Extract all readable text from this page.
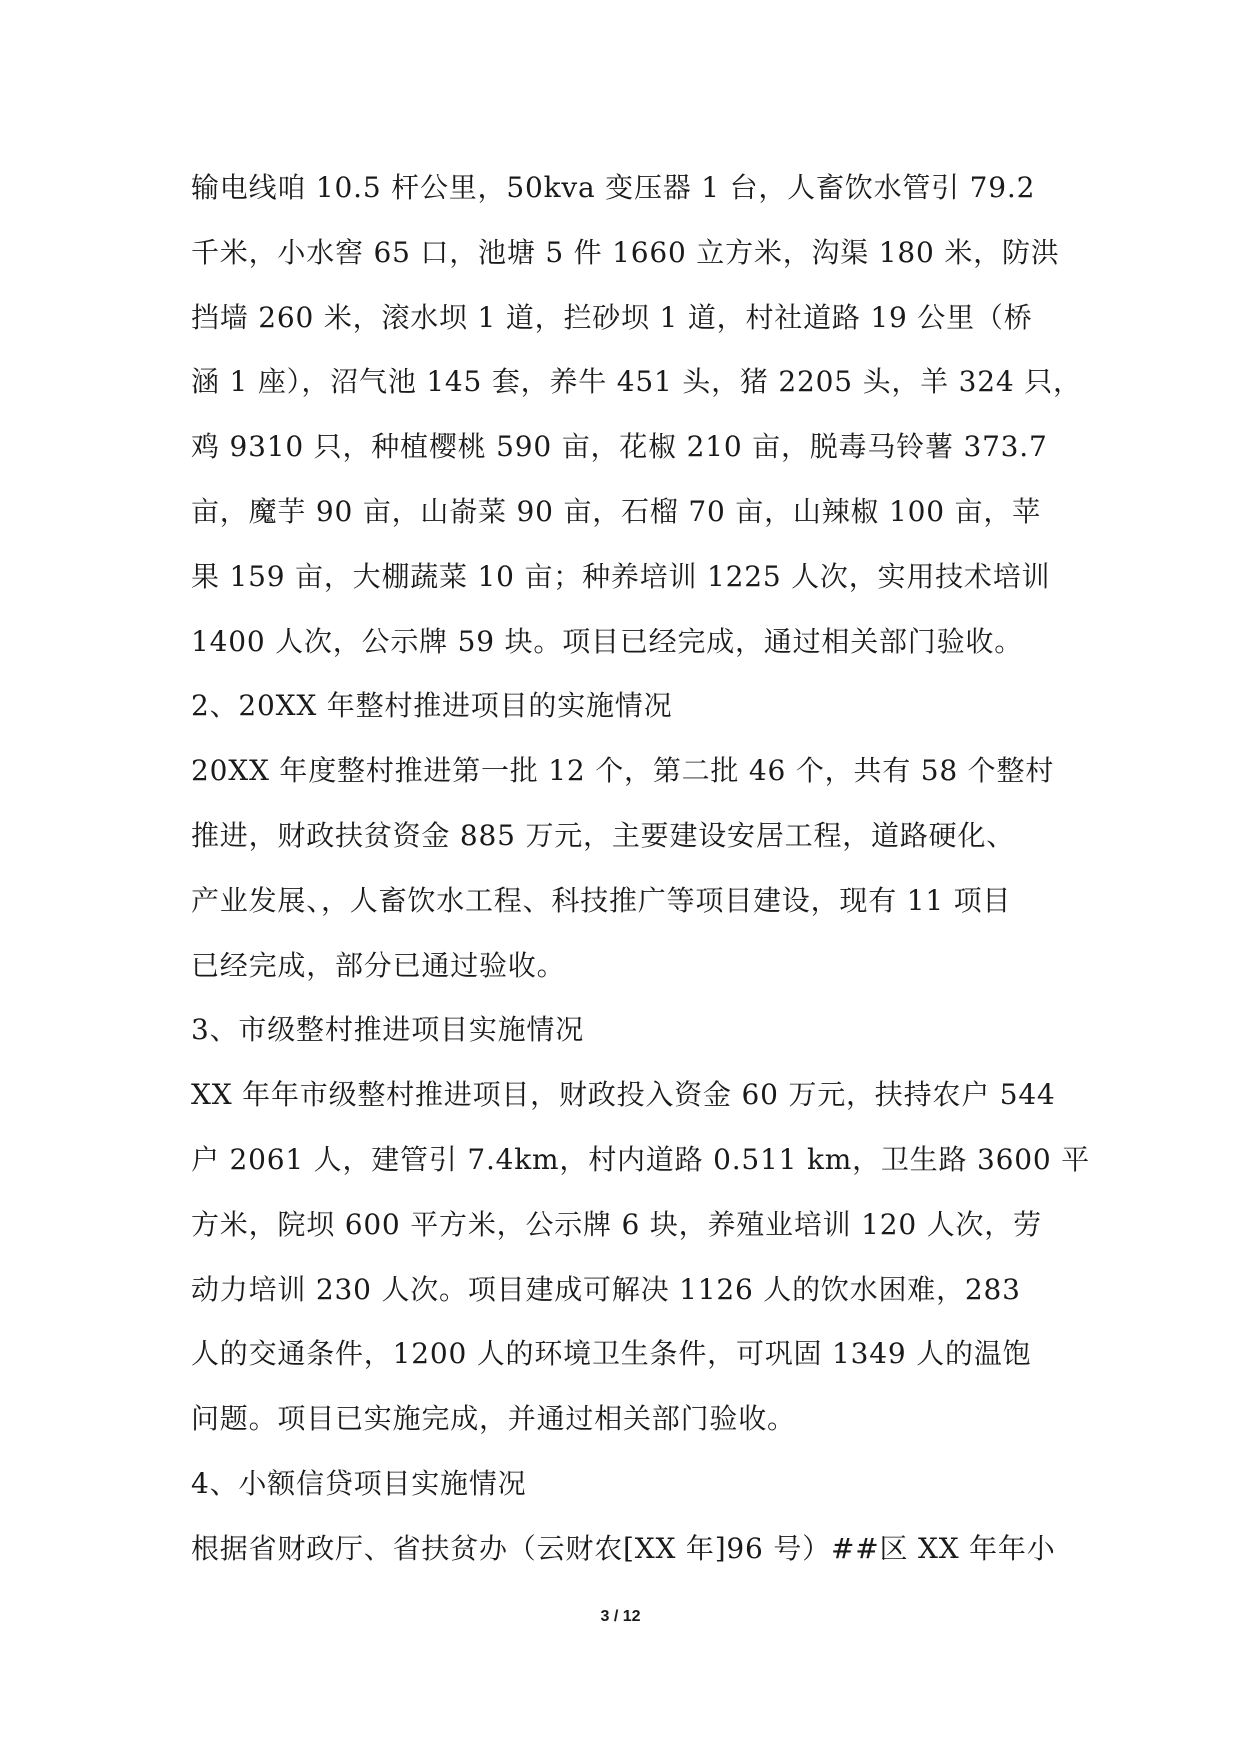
输电线咱 10.5 杆公里，50kva 变压器 1 台，人畜饮水管引 79.2
千米，小水窖 65 口，池塘 5 件 1660 立方米，沟渠 180 米，防洪
挡墙 260 米，滚水坝 1 道，拦砂坝 1 道，村社道路 19 公里（桥
涵 1 座），沼气池 145 套，养牛 451 头，猪 2205 头，羊 324 只，
鸡 9310 只，种植樱桃 590 亩，花椒 210 亩，脱毒马铃薯 373.7
亩，魔芋 90 亩，山嵛菜 90 亩，石榴 70 亩，山辣椒 100 亩，苹
果 159 亩，大棚蔬菜 10 亩；种养培训 1225 人次，实用技术培训
1400 人次，公示牌 59 块。项目已经完成，通过相关部门验收。
2、20XX 年整村推进项目的实施情况
20XX 年度整村推进第一批 12 个，第二批 46 个，共有 58 个整村
推进，财政扶贫资金 885 万元，主要建设安居工程，道路硬化、
产业发展、，人畜饮水工程、科技推广等项目建设，现有 11 项目
已经完成，部分已通过验收。
3、市级整村推进项目实施情况
XX 年年市级整村推进项目，财政投入资金 60 万元，扶持农户 544
户 2061 人，建管引 7.4km，村内道路 0.511 km，卫生路 3600 平
方米，院坝 600 平方米，公示牌 6 块，养殖业培训 120 人次，劳
动力培训 230 人次。项目建成可解决 1126 人的饮水困难，283
人的交通条件，1200 人的环境卫生条件，可巩固 1349 人的温饱
问题。项目已实施完成，并通过相关部门验收。
4、小额信贷项目实施情况
根据省财政厅、省扶贫办（云财农[XX 年]96 号）##区 XX 年年小
3 / 12
